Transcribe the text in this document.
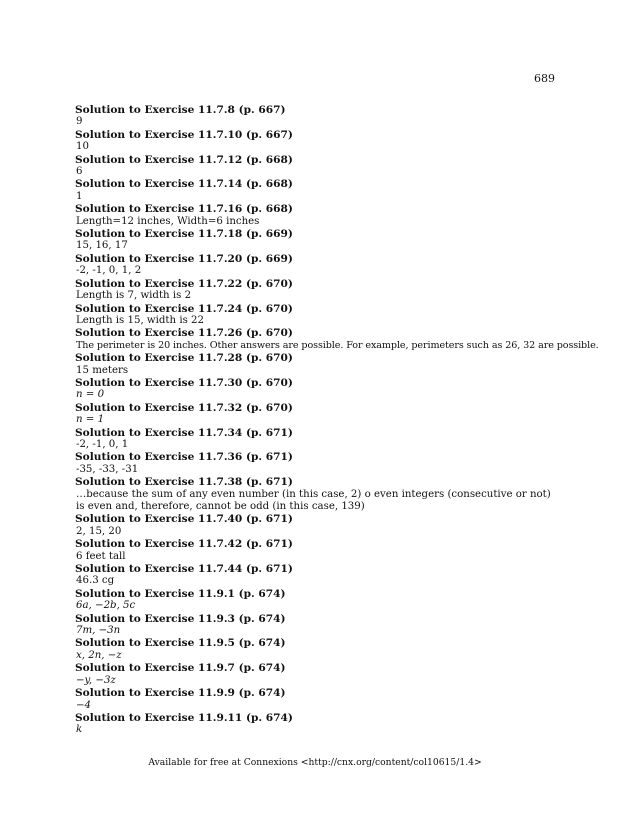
689
Solution to Exercise 11.7.8 (p. 667)
9
Solution to Exercise 11.7.10 (p. 667)
10
Solution to Exercise 11.7.12 (p. 668)
6
Solution to Exercise 11.7.14 (p. 668)
1
Solution to Exercise 11.7.16 (p. 668)
Length=12 inches, Width=6 inches
Solution to Exercise 11.7.18 (p. 669)
15, 16, 17
Solution to Exercise 11.7.20 (p. 669)
-2, -1, 0, 1, 2
Solution to Exercise 11.7.22 (p. 670)
Length is 7, width is 2
Solution to Exercise 11.7.24 (p. 670)
Length is 15, width is 22
Solution to Exercise 11.7.26 (p. 670)
The perimeter is 20 inches. Other answers are possible. For example, perimeters such as 26, 32 are possible.
Solution to Exercise 11.7.28 (p. 670)
15 meters
Solution to Exercise 11.7.30 (p. 670)
n = 0
Solution to Exercise 11.7.32 (p. 670)
n = 1
Solution to Exercise 11.7.34 (p. 671)
-2, -1, 0, 1
Solution to Exercise 11.7.36 (p. 671)
-35, -33, -31
Solution to Exercise 11.7.38 (p. 671)
…because the sum of any even number (in this case, 2) o even integers (consecutive or not) is even and, therefore, cannot be odd (in this case, 139)
Solution to Exercise 11.7.40 (p. 671)
2, 15, 20
Solution to Exercise 11.7.42 (p. 671)
6 feet tall
Solution to Exercise 11.7.44 (p. 671)
46.3 cg
Solution to Exercise 11.9.1 (p. 674)
6a, −2b, 5c
Solution to Exercise 11.9.3 (p. 674)
7m, −3n
Solution to Exercise 11.9.5 (p. 674)
x, 2n, −z
Solution to Exercise 11.9.7 (p. 674)
−y, −3z
Solution to Exercise 11.9.9 (p. 674)
−4
Solution to Exercise 11.9.11 (p. 674)
k
Available for free at Connexions <http://cnx.org/content/col10615/1.4>
